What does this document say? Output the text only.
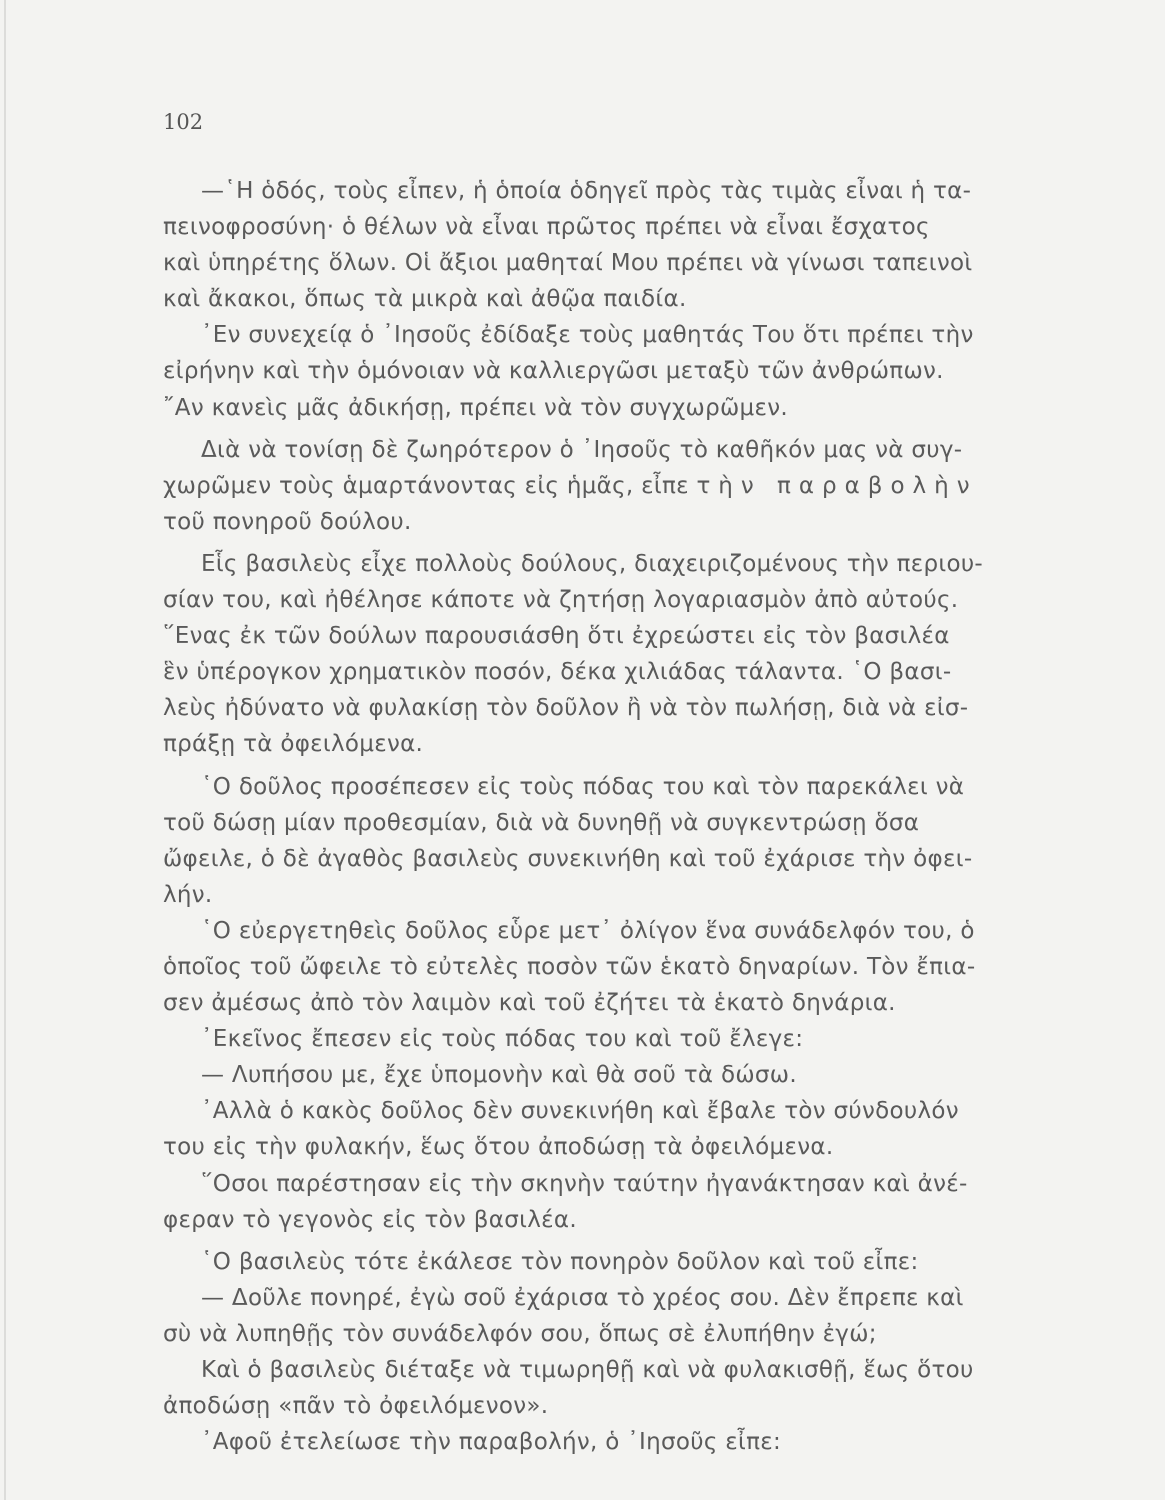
102
—῾Η ὁδός, τοὺς εἶπεν, ἡ ὁποία ὁδηγεῖ πρὸς τὰς τιμὰς εἶναι ἡ τα-
πεινοφροσύνη· ὁ θέλων νὰ εἶναι πρῶτος πρέπει νὰ εἶναι ἔσχατος
καὶ ὑπηρέτης ὅλων. Οἱ ἄξιοι μαθηταί Μου πρέπει νὰ γίνωσι ταπεινοὶ
καὶ ἄκακοι, ὅπως τὰ μικρὰ καὶ ἀθῷα παιδία.
᾽Εν συνεχείᾳ ὁ ᾽Ιησοῦς ἐδίδαξε τοὺς μαθητάς Του ὅτι πρέπει τὴν
εἰρήνην καὶ τὴν ὁμόνοιαν νὰ καλλιεργῶσι μεταξὺ τῶν ἀνθρώπων.
῎Αν κανεὶς μᾶς ἀδικήσῃ, πρέπει νὰ τὸν συγχωρῶμεν.
Διὰ νὰ τονίσῃ δὲ ζωηρότερον ὁ ᾽Ιησοῦς τὸ καθῆκόν μας νὰ συγ-
χωρῶμεν τοὺς ἁμαρτάνοντας εἰς ἡμᾶς, εἶπε τὴν παραβολὴν
τοῦ πονηροῦ δούλου.
Εἷς βασιλεὺς εἶχε πολλοὺς δούλους, διαχειριζομένους τὴν περιου-
σίαν του, καὶ ἠθέλησε κάποτε νὰ ζητήσῃ λογαριασμὸν ἀπὸ αὐτούς.
῞Ενας ἐκ τῶν δούλων παρουσιάσθη ὅτι ἐχρεώστει εἰς τὸν βασιλέα
ἓν ὑπέρογκον χρηματικὸν ποσόν, δέκα χιλιάδας τάλαντα. ῾Ο βασι-
λεὺς ἠδύνατο νὰ φυλακίσῃ τὸν δοῦλον ἢ νὰ τὸν πωλήσῃ, διὰ νὰ εἰσ-
πράξῃ τὰ ὀφειλόμενα.
῾Ο δοῦλος προσέπεσεν εἰς τοὺς πόδας του καὶ τὸν παρεκάλει νὰ
τοῦ δώσῃ μίαν προθεσμίαν, διὰ νὰ δυνηθῇ νὰ συγκεντρώσῃ ὅσα
ὤφειλε, ὁ δὲ ἀγαθὸς βασιλεὺς συνεκινήθη καὶ τοῦ ἐχάρισε τὴν ὀφει-
λήν.
῾Ο εὐεργετηθεὶς δοῦλος εὗρε μετ᾽ ὀλίγον ἕνα συνάδελφόν του, ὁ
ὁποῖος τοῦ ὤφειλε τὸ εὐτελὲς ποσὸν τῶν ἑκατὸ δηναρίων. Τὸν ἔπια-
σεν ἀμέσως ἀπὸ τὸν λαιμὸν καὶ τοῦ ἐζήτει τὰ ἑκατὸ δηνάρια.
᾽Εκεῖνος ἔπεσεν εἰς τοὺς πόδας του καὶ τοῦ ἔλεγε:
— Λυπήσου με, ἔχε ὑπομονὴν καὶ θὰ σοῦ τὰ δώσω.
᾽Αλλὰ ὁ κακὸς δοῦλος δὲν συνεκινήθη καὶ ἔβαλε τὸν σύνδουλόν
του εἰς τὴν φυλακήν, ἕως ὅτου ἀποδώσῃ τὰ ὀφειλόμενα.
῞Οσοι παρέστησαν εἰς τὴν σκηνὴν ταύτην ἠγανάκτησαν καὶ ἀνέ-
φεραν τὸ γεγονὸς εἰς τὸν βασιλέα.
῾Ο βασιλεὺς τότε ἐκάλεσε τὸν πονηρὸν δοῦλον καὶ τοῦ εἶπε:
— Δοῦλε πονηρέ, ἐγὼ σοῦ ἐχάρισα τὸ χρέος σου. Δὲν ἔπρεπε καὶ
σὺ νὰ λυπηθῇς τὸν συνάδελφόν σου, ὅπως σὲ ἐλυπήθην ἐγώ;
Καὶ ὁ βασιλεὺς διέταξε νὰ τιμωρηθῇ καὶ νὰ φυλακισθῇ, ἕως ὅτου
ἀποδώσῃ «πᾶν τὸ ὀφειλόμενον».
᾽Αφοῦ ἐτελείωσε τὴν παραβολήν, ὁ ᾽Ιησοῦς εἶπε:
